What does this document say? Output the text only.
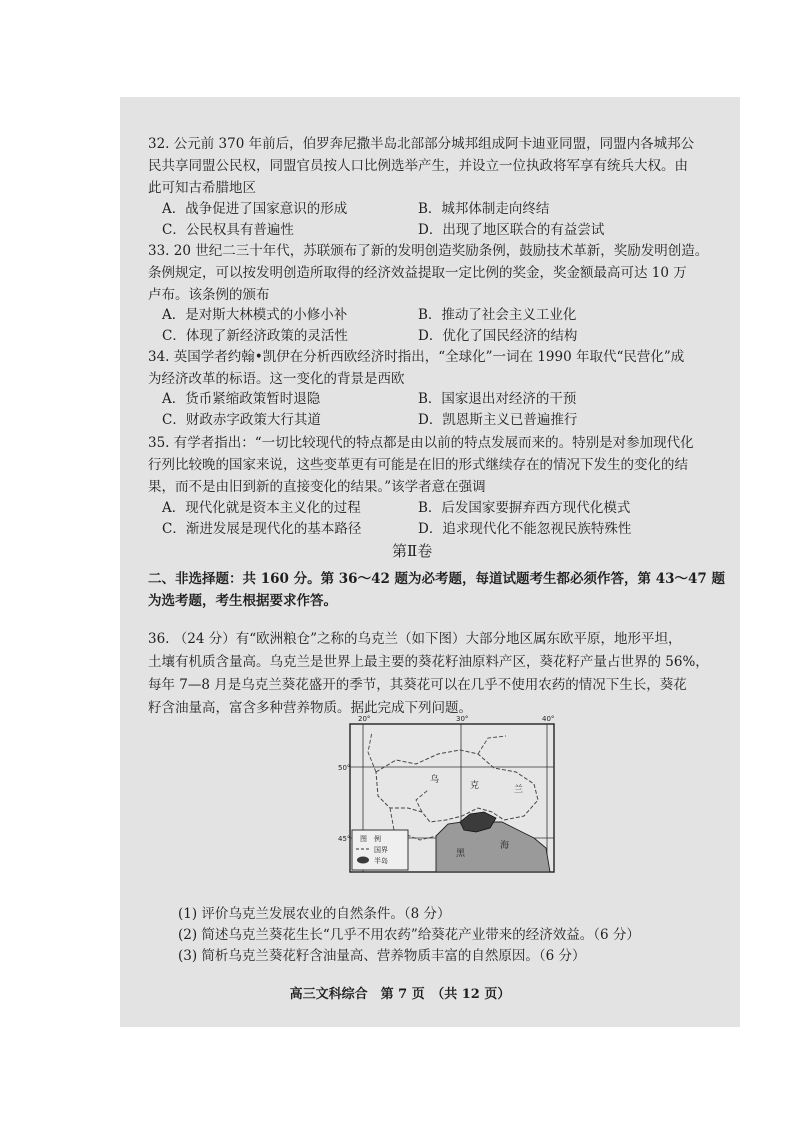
32. 公元前 370 年前后，伯罗奔尼撒半岛北部部分城邦组成阿卡迪亚同盟，同盟内各城邦公
民共享同盟公民权，同盟官员按人口比例选举产生，并设立一位执政将军享有统兵大权。由
此可知古希腊地区
A．战争促进了国家意识的形成	B．城邦体制走向终结
C．公民权具有普遍性	D．出现了地区联合的有益尝试
33. 20 世纪二三十年代，苏联颁布了新的发明创造奖励条例，鼓励技术革新，奖励发明创造。
条例规定，可以按发明创造所取得的经济效益提取一定比例的奖金，奖金额最高可达 10 万
卢布。该条例的颁布
A．是对斯大林模式的小修小补	B．推动了社会主义工业化
C．体现了新经济政策的灵活性	D．优化了国民经济的结构
34. 英国学者约翰•凯伊在分析西欧经济时指出，“全球化”一词在 1990 年取代“民营化”成
为经济改革的标语。这一变化的背景是西欧
A．货币紧缩政策暂时退隐	B．国家退出对经济的干预
C．财政赤字政策大行其道	D．凯恩斯主义已普遍推行
35. 有学者指出：“一切比较现代的特点都是由以前的特点发展而来的。特别是对参加现代化
行列比较晚的国家来说，这些变革更有可能是在旧的形式继续存在的情况下发生的变化的结
果，而不是由旧到新的直接变化的结果。”该学者意在强调
A．现代化就是资本主义化的过程	B．后发国家要摒弃西方现代化模式
C．渐进发展是现代化的基本路径	D．追求现代化不能忽视民族特殊性
第Ⅱ卷
二、非选择题：共 160 分。第 36～42 题为必考题，每道试题考生都必须作答，第 43～47 题
为选考题，考生根据要求作答。
36. （24 分）有“欧洲粮仓”之称的乌克兰（如下图）大部分地区属东欧平原，地形平坦，
土壤有机质含量高。乌克兰是世界上最主要的葵花籽油原料产区，葵花籽产量占世界的 56%，
每年 7—8 月是乌克兰葵花盛开的季节，其葵花可以在几乎不使用农药的情况下生长，葵花
籽含油量高，富含多种营养物质。据此完成下列问题。
图　例
国界
半岛
20°	30°	40°
50°
45°
乌
克	兰
黑
海
(1) 评价乌克兰发展农业的自然条件。（8 分）
(2) 简述乌克兰葵花生长“几乎不用农药”给葵花产业带来的经济效益。（6 分）
(3) 简析乌克兰葵花籽含油量高、营养物质丰富的自然原因。（6 分）
高三文科综合　第 7 页　（共 12 页）
